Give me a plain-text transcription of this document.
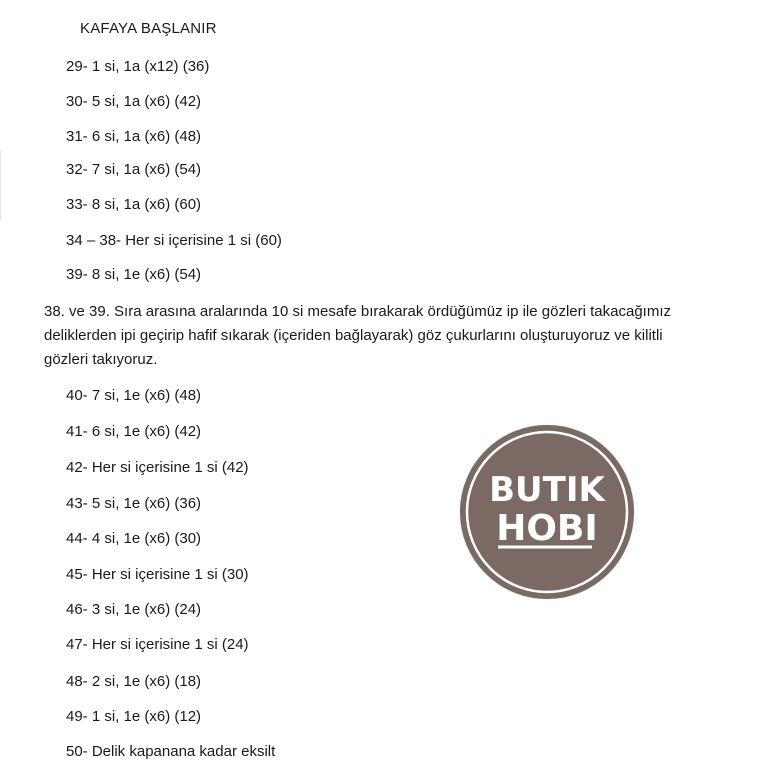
KAFAYA BAŞLANIR
29- 1 si, 1a (x12) (36)
30- 5 si, 1a (x6) (42)
31- 6 si, 1a (x6) (48)
32- 7 si, 1a (x6) (54)
33- 8 si, 1a (x6) (60)
34 – 38- Her si içerisine 1 si (60)
39- 8 si, 1e (x6) (54)
38. ve 39. Sıra arasına aralarında 10 si mesafe bırakarak ördüğümüz ip ile gözleri takacağımız deliklerden ipi geçirip hafif sıkarak (içeriden bağlayarak) göz çukurlarını oluşturuyoruz ve kilitli gözleri takıyoruz.
40- 7 si, 1e (x6) (48)
41- 6 si, 1e (x6) (42)
42- Her si içerisine 1 si (42)
43- 5 si, 1e (x6) (36)
44- 4 si, 1e (x6) (30)
45- Her si içerisine 1 si (30)
46- 3 si, 1e (x6) (24)
47- Her si içerisine 1 si (24)
48- 2 si, 1e (x6) (18)
49- 1 si, 1e (x6) (12)
50- Delik kapanana kadar eksilt
BUTIK
HOBI
